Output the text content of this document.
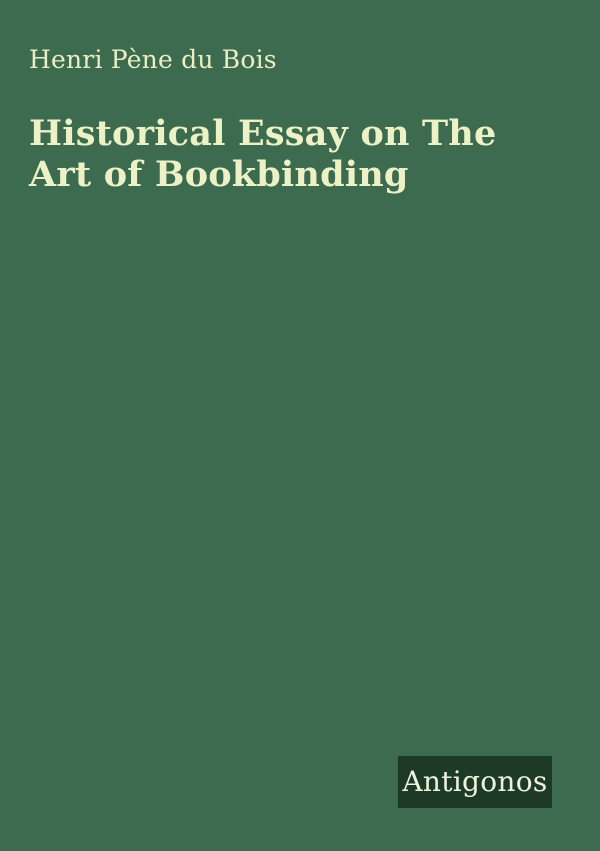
Henri Pène du Bois
Historical Essay on The Art of Bookbinding
Antigonos
